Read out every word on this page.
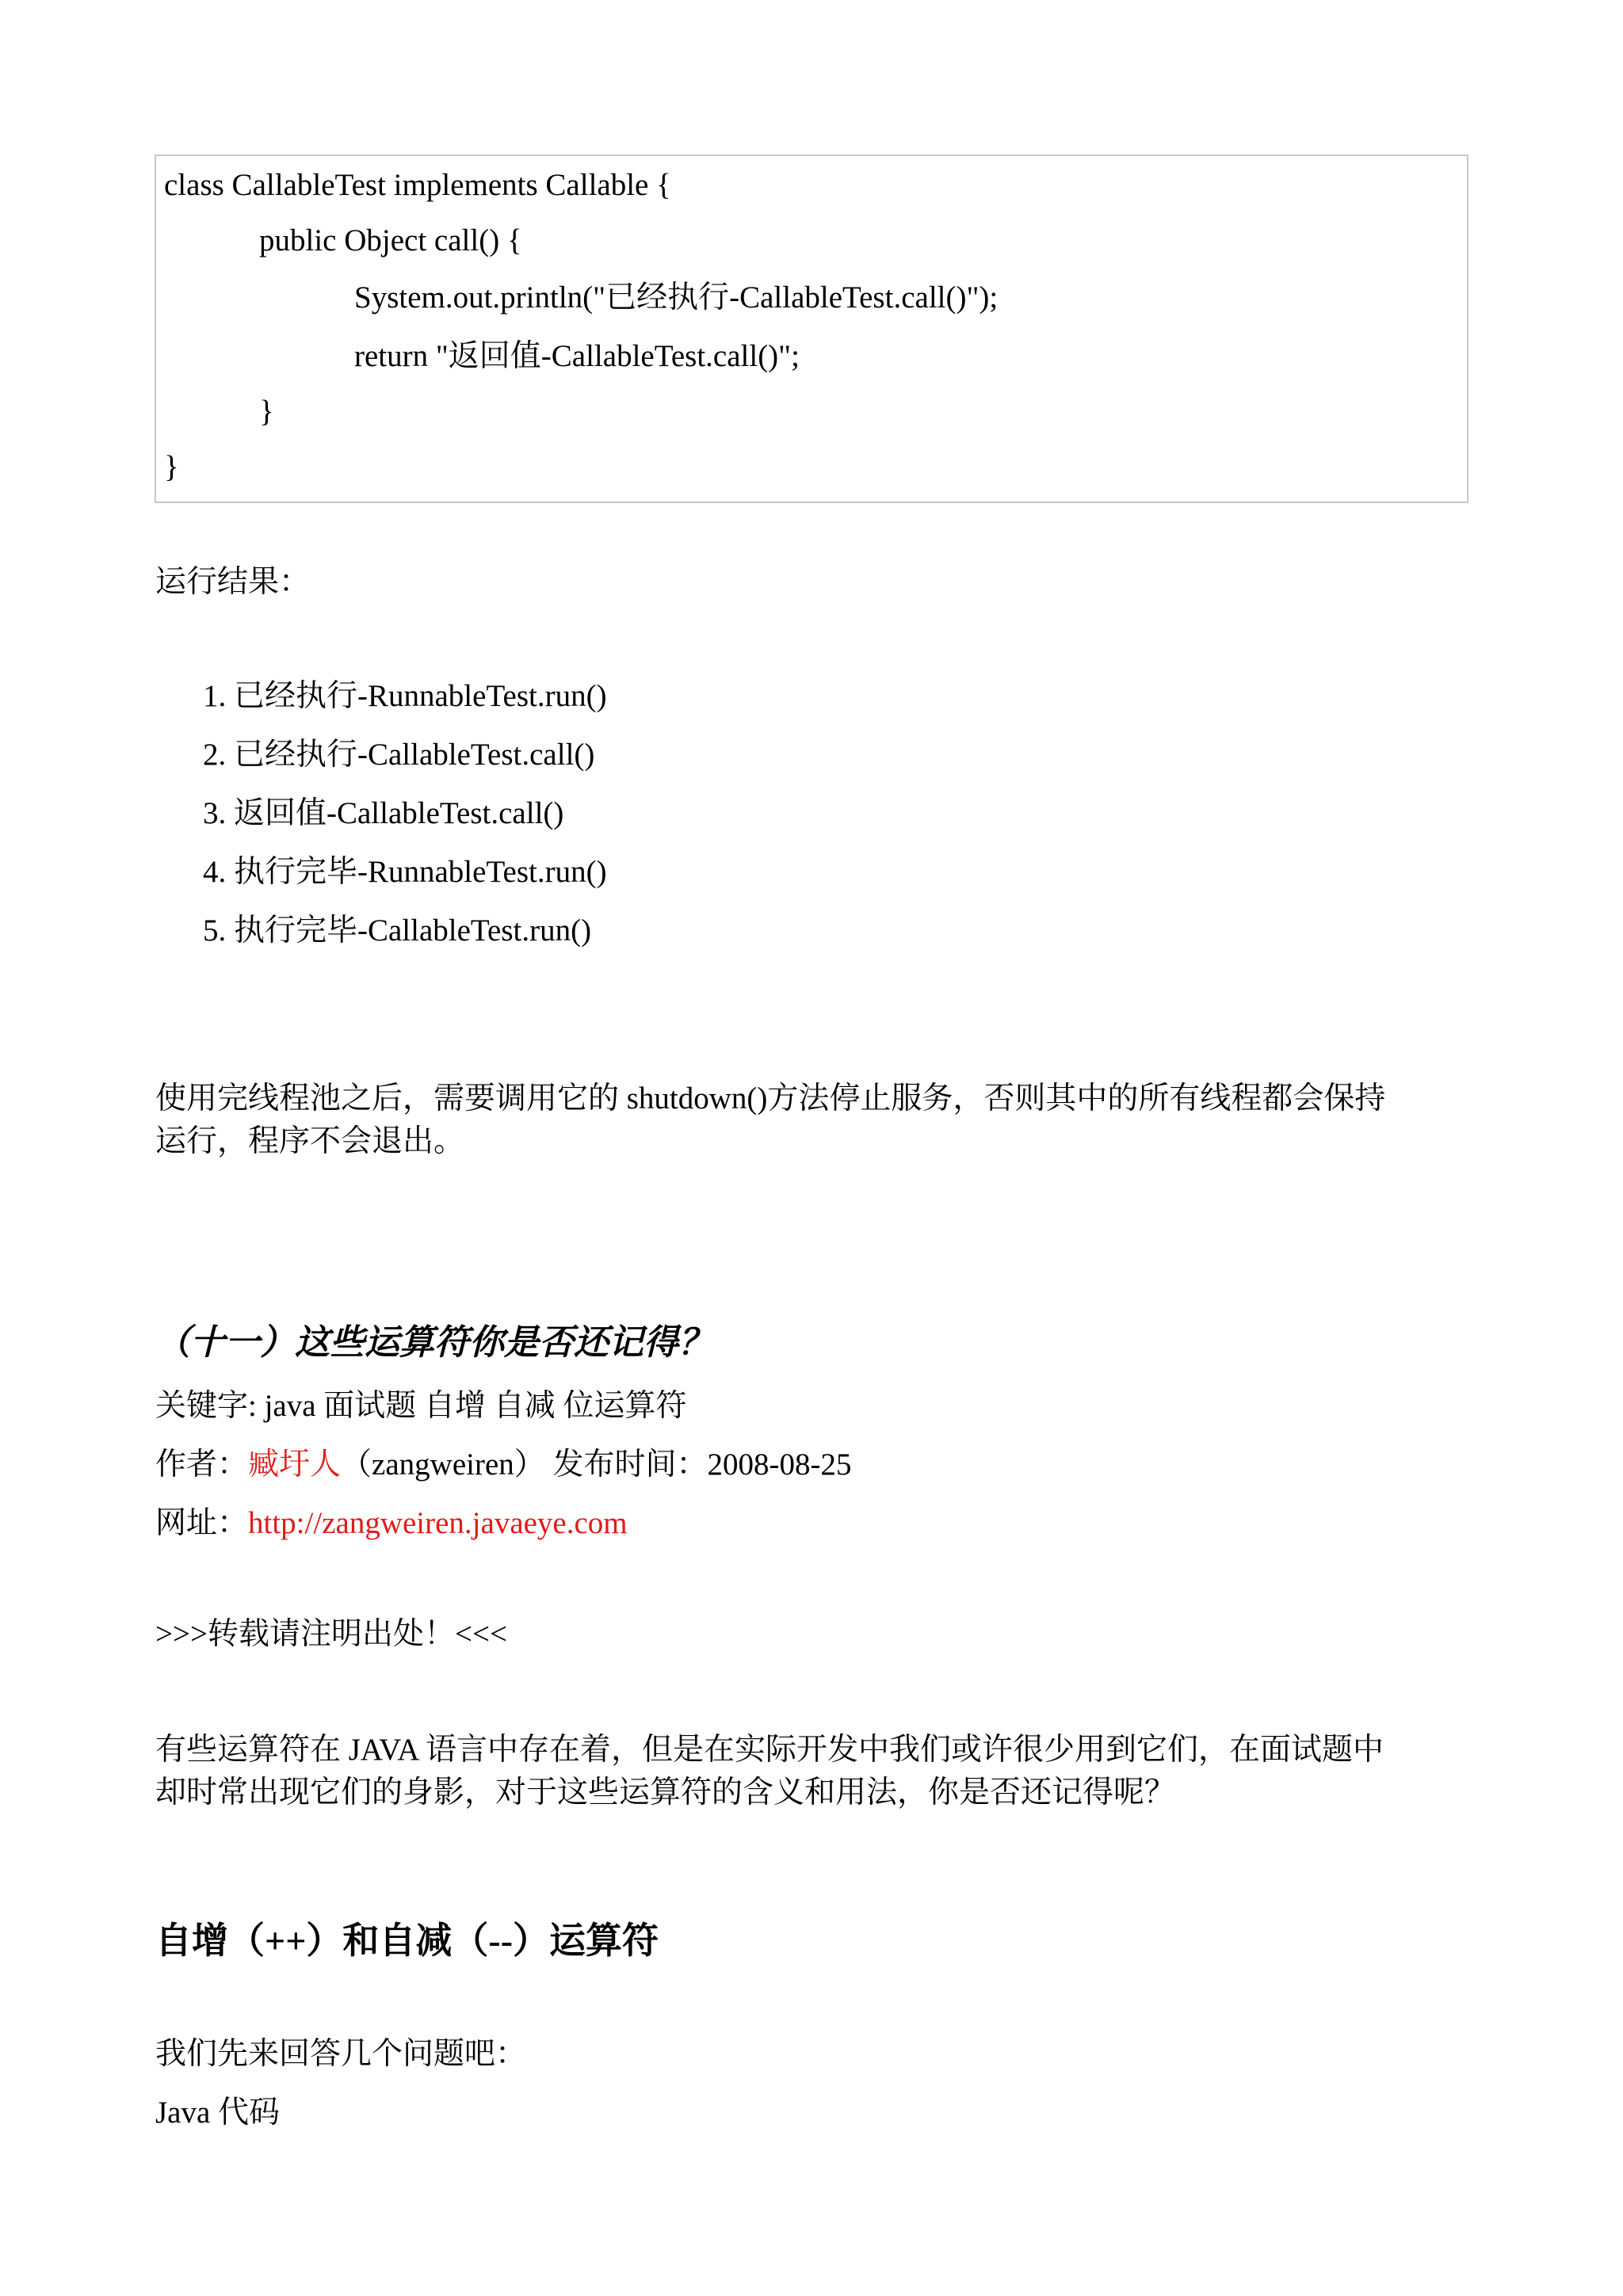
class CallableTest implements Callable {
public Object call() {
System.out.println("已经执行-CallableTest.call()");
return "返回值-CallableTest.call()";
}
}
运行结果：
1. 已经执行-RunnableTest.run()
2. 已经执行-CallableTest.call()
3. 返回值-CallableTest.call()
4. 执行完毕-RunnableTest.run()
5. 执行完毕-CallableTest.run()
使用完线程池之后，需要调用它的 shutdown()方法停止服务，否则其中的所有线程都会保持
运行，程序不会退出。
（十一）这些运算符你是否还记得？
关键字: java 面试题 自增 自减 位运算符
作者：臧圩人（zangweiren） 发布时间：2008-08-25
网址：http://zangweiren.javaeye.com
>>>转载请注明出处！<<<
有些运算符在 JAVA 语言中存在着，但是在实际开发中我们或许很少用到它们，在面试题中
却时常出现它们的身影，对于这些运算符的含义和用法，你是否还记得呢？
自增（++）和自减（--）运算符
我们先来回答几个问题吧：
Java 代码
